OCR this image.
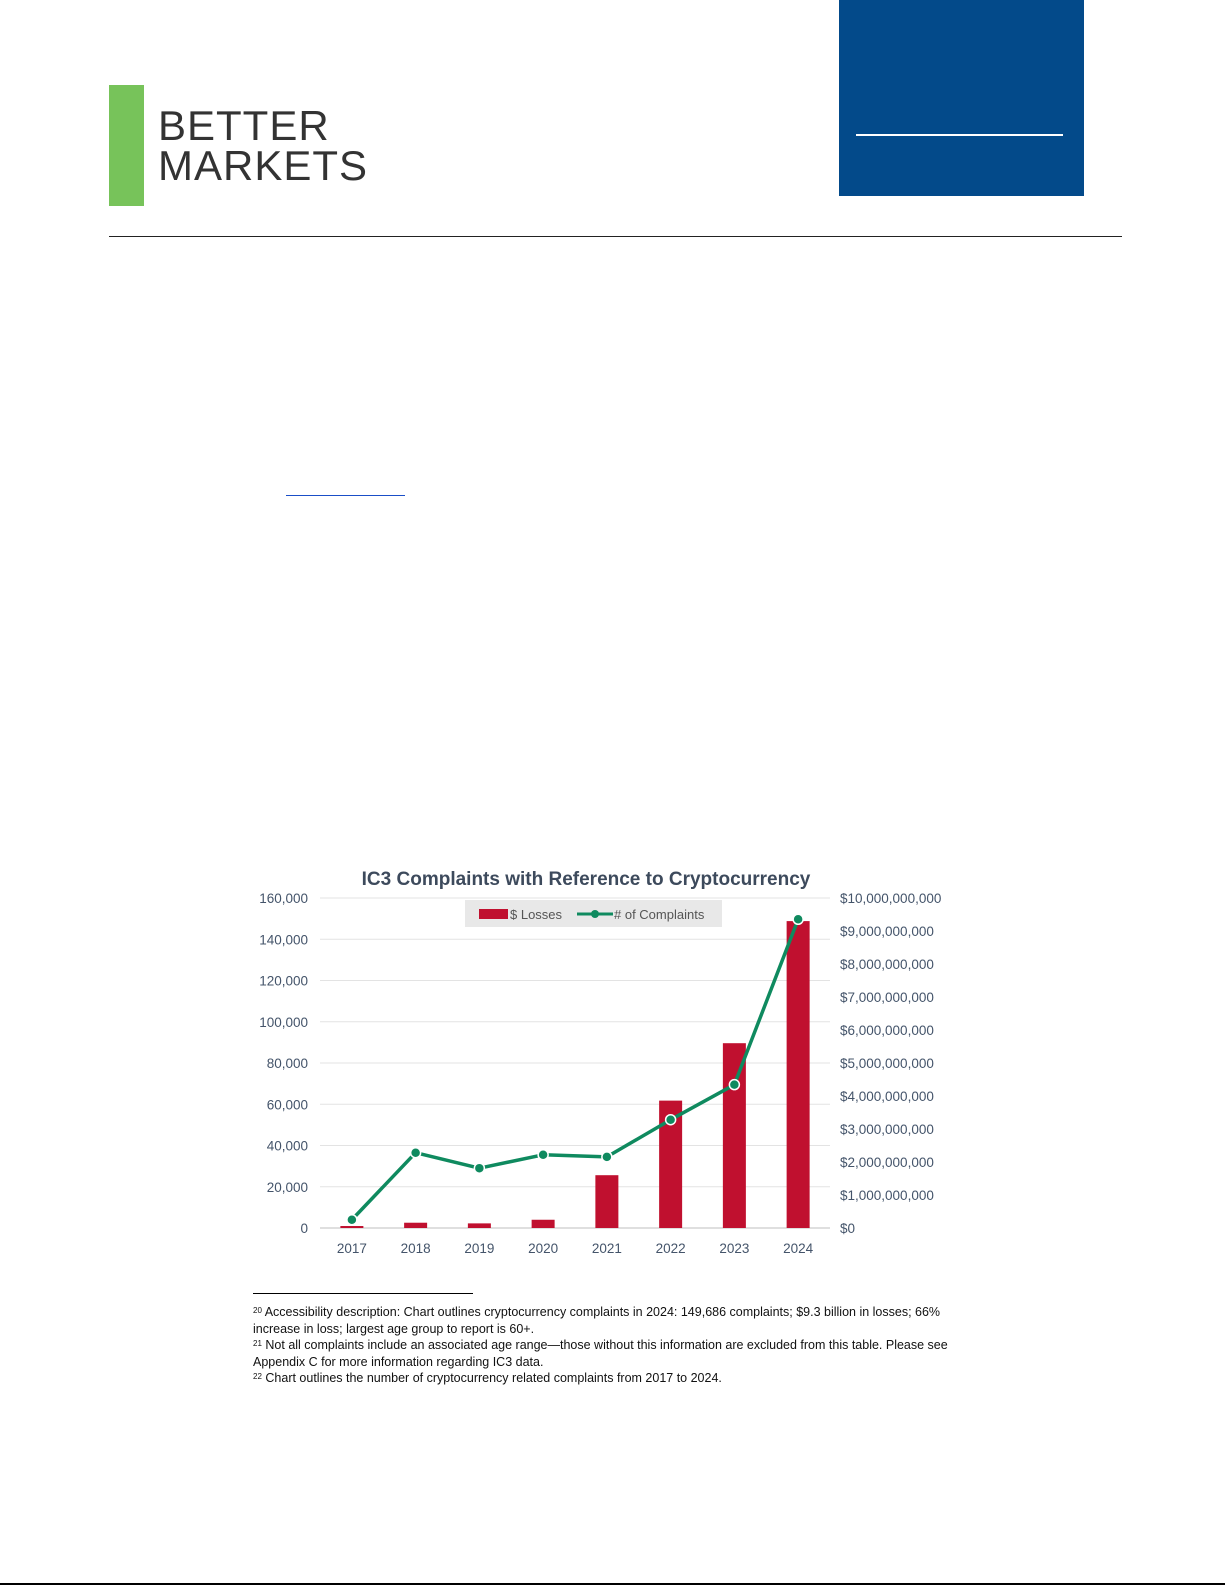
BETTER
MARKETS
IC3 Complaints with Reference to Cryptocurrency
0
20,000
40,000
60,000
80,000
100,000
120,000
140,000
160,000
$0
$1,000,000,000
$2,000,000,000
$3,000,000,000
$4,000,000,000
$5,000,000,000
$6,000,000,000
$7,000,000,000
$8,000,000,000
$9,000,000,000
$10,000,000,000
2017 2018 2019 2020 2021 2022 2023 2024
$ Losses	# of Complaints

$^{20}$ Accessibility description: Chart outlines cryptocurrency complaints in 2024: 149,686 complaints; $9.3 billion in losses; 66% increase in loss; largest age group to report is 60+.

$^{21}$ Not all complaints include an associated age range—those without this information are excluded from this table. Please see Appendix C for more information regarding IC3 data.

$^{22}$ Chart outlines the number of cryptocurrency related complaints from 2017 to 2024.
